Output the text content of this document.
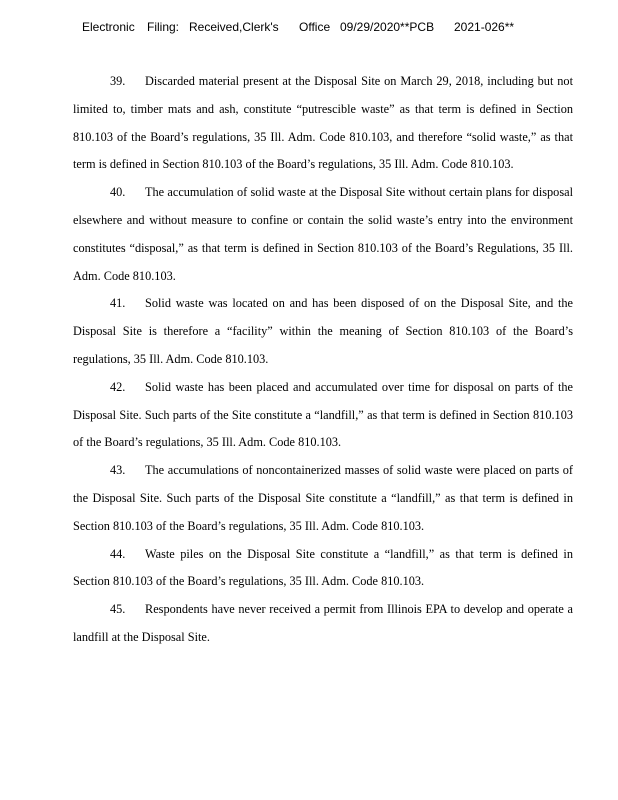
Electronic Filing: Received,Clerk's Office 09/29/2020**PCB 2021-026**

39. Discarded material present at the Disposal Site on March 29, 2018, including but not limited to, timber mats and ash, constitute “putrescible waste” as that term is defined in Section 810.103 of the Board’s regulations, 35 Ill. Adm. Code 810.103, and therefore “solid waste,” as that term is defined in Section 810.103 of the Board’s regulations, 35 Ill. Adm. Code 810.103.

40. The accumulation of solid waste at the Disposal Site without certain plans for disposal elsewhere and without measure to confine or contain the solid waste’s entry into the environment constitutes “disposal,” as that term is defined in Section 810.103 of the Board’s Regulations, 35 Ill. Adm. Code 810.103.

41. Solid waste was located on and has been disposed of on the Disposal Site, and the Disposal Site is therefore a “facility” within the meaning of Section 810.103 of the Board’s regulations, 35 Ill. Adm. Code 810.103.

42. Solid waste has been placed and accumulated over time for disposal on parts of the Disposal Site. Such parts of the Site constitute a “landfill,” as that term is defined in Section 810.103 of the Board’s regulations, 35 Ill. Adm. Code 810.103.

43. The accumulations of noncontainerized masses of solid waste were placed on parts of the Disposal Site. Such parts of the Disposal Site constitute a “landfill,” as that term is defined in Section 810.103 of the Board’s regulations, 35 Ill. Adm. Code 810.103.

44. Waste piles on the Disposal Site constitute a “landfill,” as that term is defined in Section 810.103 of the Board’s regulations, 35 Ill. Adm. Code 810.103.

45. Respondents have never received a permit from Illinois EPA to develop and operate a landfill at the Disposal Site.
